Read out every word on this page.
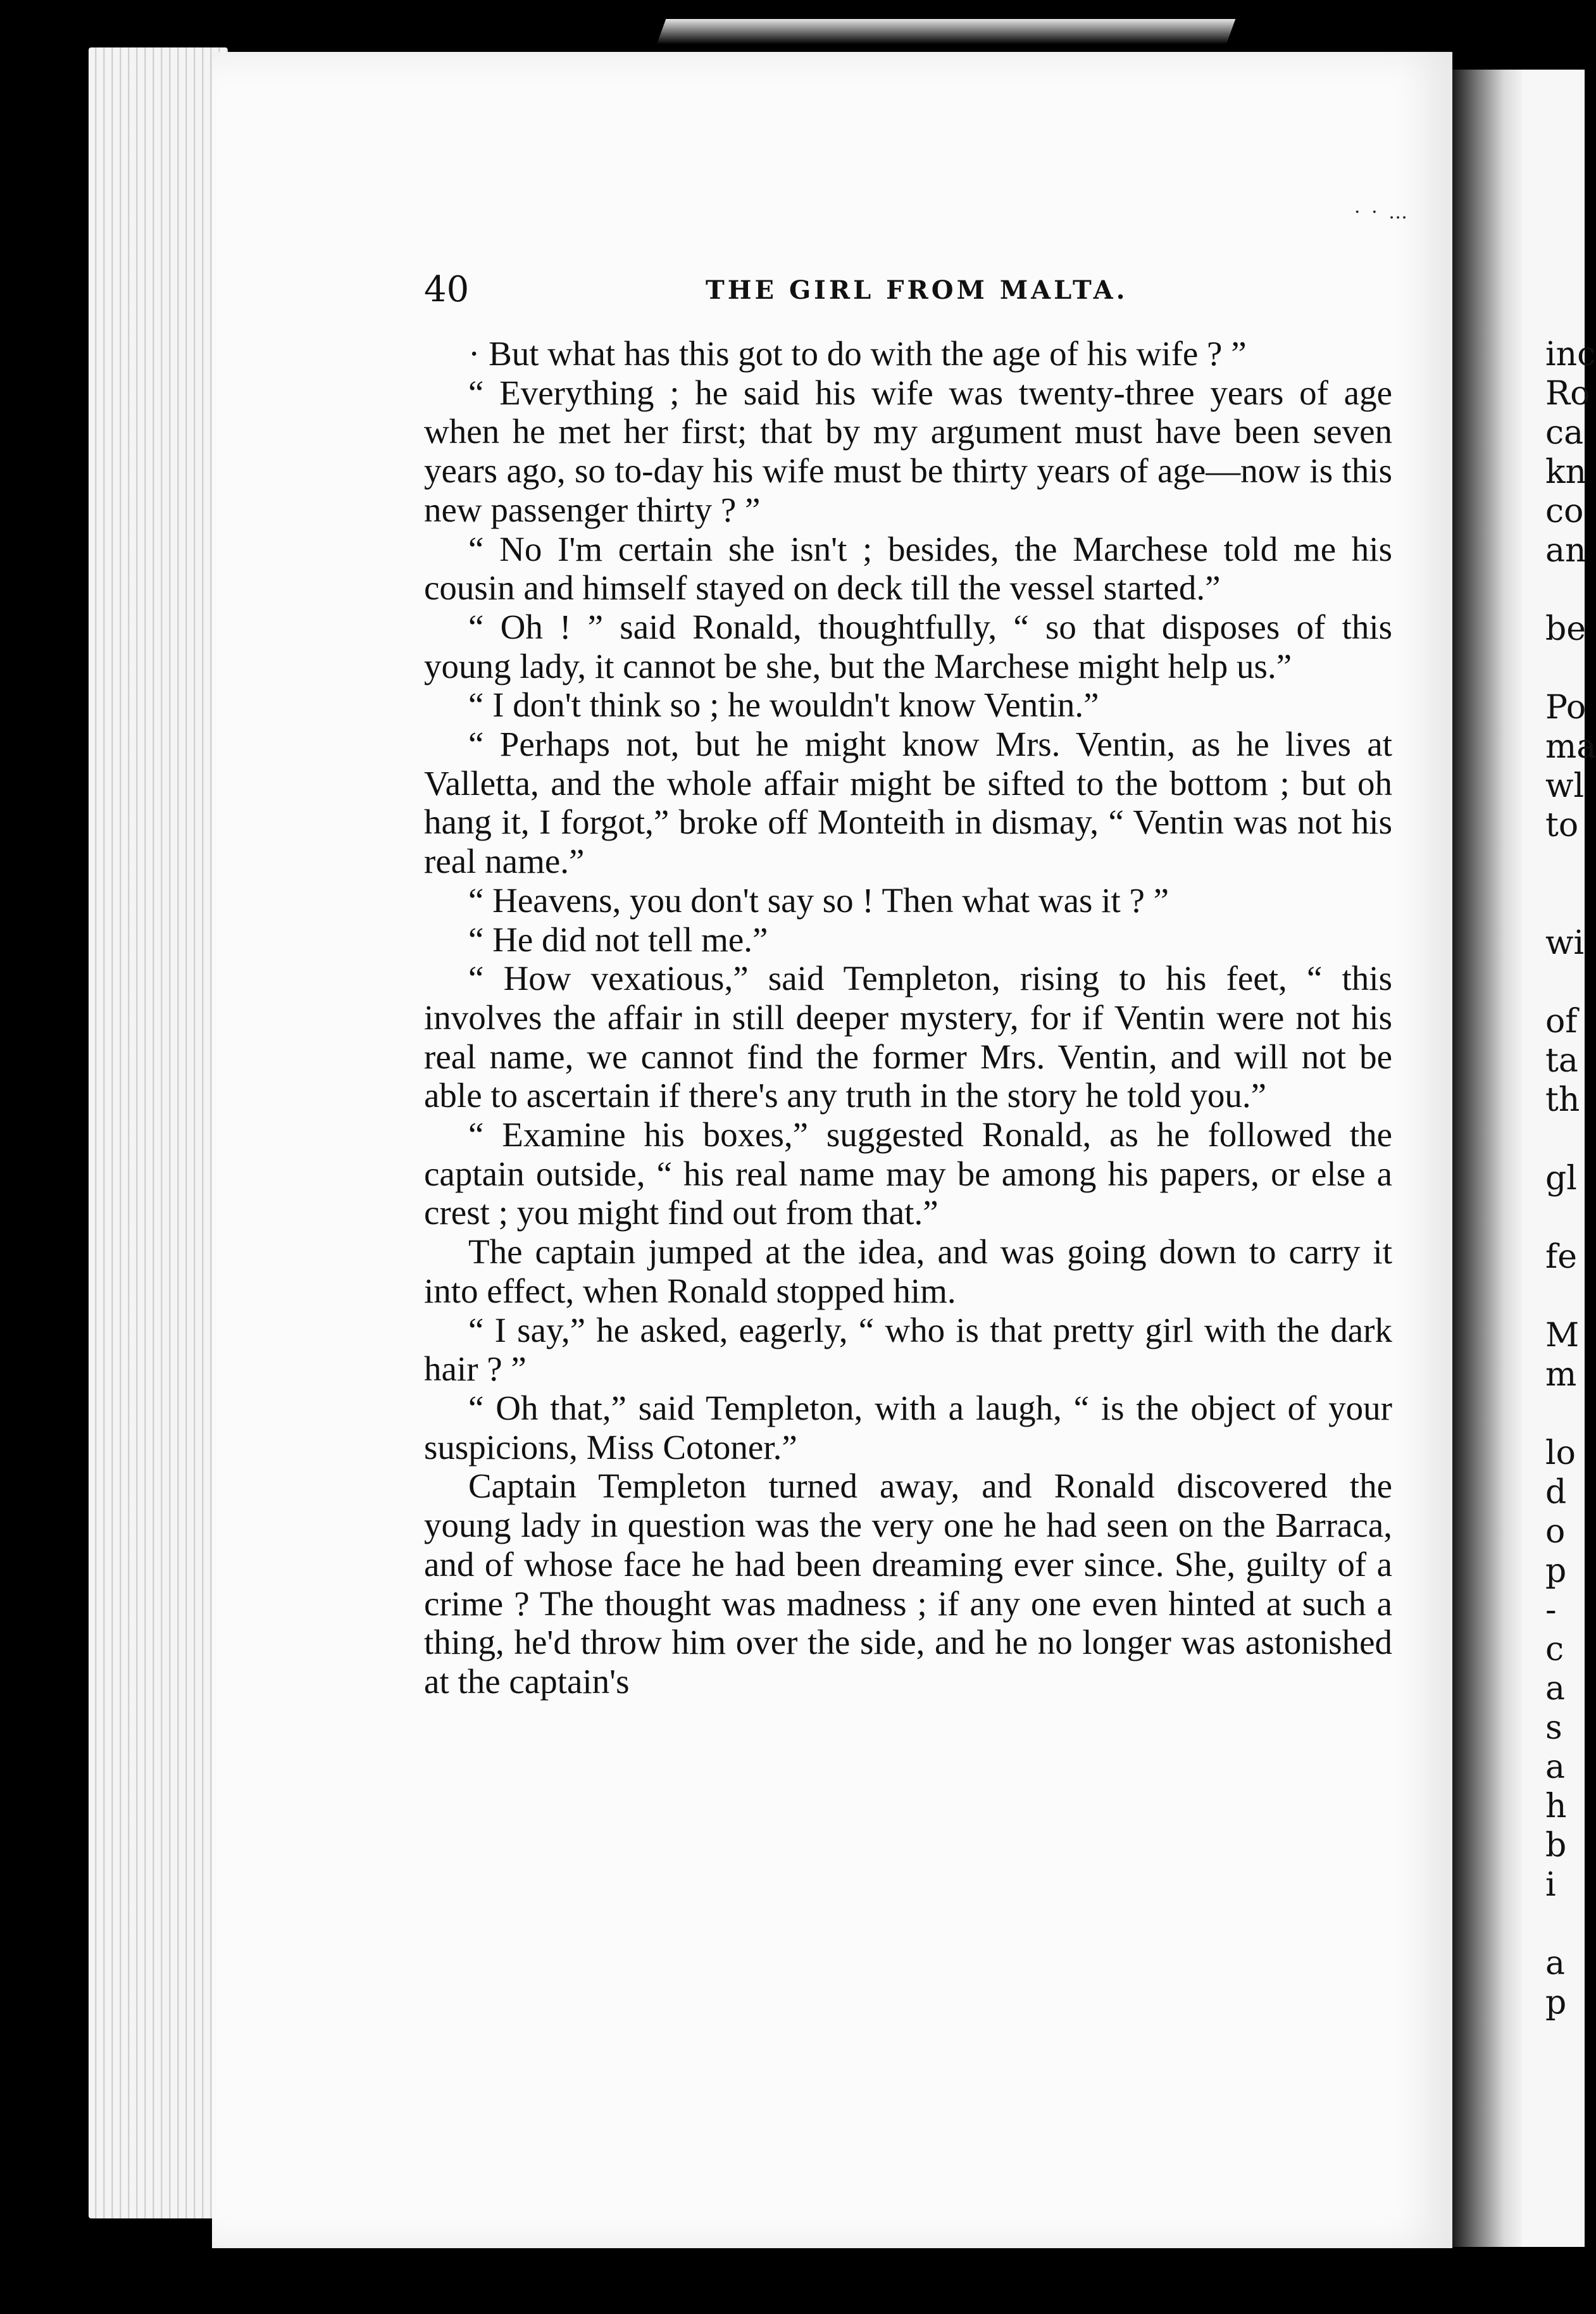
inc
Ro
ca
kn
co
an
be
Po
ma
wl
to
wi
of
ta
th
gl
fe
M
m
lo
d
o
p
-
c
a
s
a
h
b
i
a
p
· · …
40	THE GIRL FROM MALTA.

· But what has this got to do with the age of his wife ? ”

“ Everything ; he said his wife was twenty-three years of age when he met her first; that by my argument must have been seven years ago, so to-day his wife must be thirty years of age—now is this new passenger thirty ? ”

“ No I'm certain she isn't ; besides, the Marchese told me his cousin and himself stayed on deck till the vessel started.”

“ Oh ! ” said Ronald, thoughtfully, “ so that disposes of this young lady, it cannot be she, but the Marchese might help us.”

“ I don't think so ; he wouldn't know Ventin.”

“ Perhaps not, but he might know Mrs. Ventin, as he lives at Valletta, and the whole affair might be sifted to the bottom ; but oh hang it, I forgot,” broke off Monteith in dismay, “ Ventin was not his real name.”

“ Heavens, you don't say so ! Then what was it ? ”

“ He did not tell me.”

“ How vexatious,” said Templeton, rising to his feet, “ this involves the affair in still deeper mystery, for if Ventin were not his real name, we cannot find the former Mrs. Ventin, and will not be able to ascertain if there's any truth in the story he told you.”

“ Examine his boxes,” suggested Ronald, as he followed the captain outside, “ his real name may be among his papers, or else a crest ; you might find out from that.”

The captain jumped at the idea, and was going down to carry it into effect, when Ronald stopped him.

“ I say,” he asked, eagerly, “ who is that pretty girl with the dark hair ? ”

“ Oh that,” said Templeton, with a laugh, “ is the object of your suspicions, Miss Cotoner.”

Captain Templeton turned away, and Ronald discovered the young lady in question was the very one he had seen on the Barraca, and of whose face he had been dreaming ever since. She, guilty of a crime ? The thought was madness ; if any one even hinted at such a thing, he'd throw him over the side, and he no longer was astonished at the captain's
